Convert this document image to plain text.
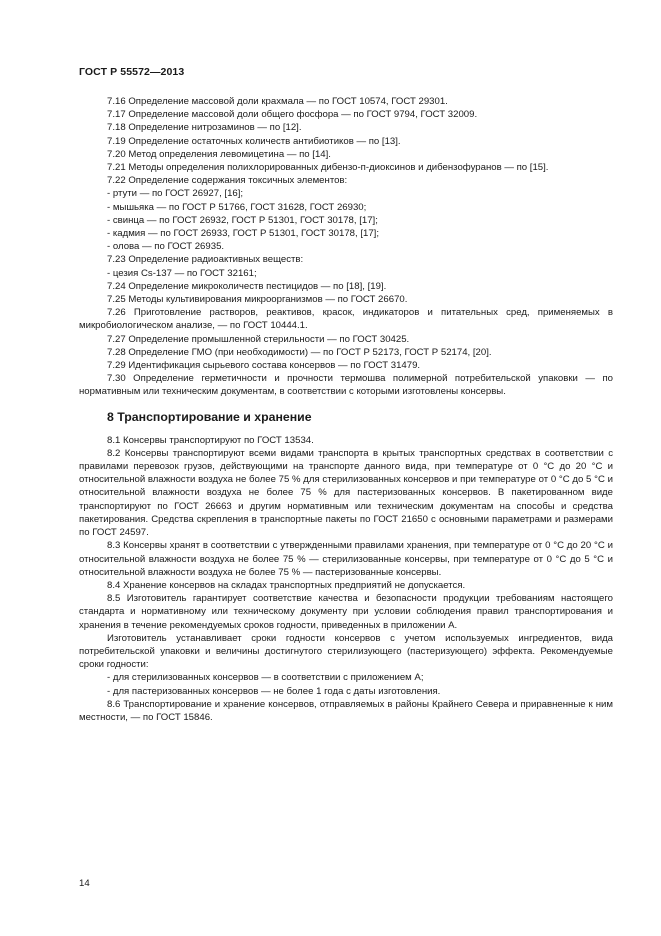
ГОСТ Р 55572—2013

7.16 Определение массовой доли крахмала — по ГОСТ 10574, ГОСТ 29301.

7.17 Определение массовой доли общего фосфора — по ГОСТ 9794, ГОСТ 32009.

7.18 Определение нитрозаминов — по [12].

7.19 Определение остаточных количеств антибиотиков — по [13].

7.20 Метод определения левомицетина — по [14].

7.21 Методы определения полихлорированных дибензо-п-диоксинов и дибензофуранов — по [15].

7.22 Определение содержания токсичных элементов:

- ртути — по ГОСТ 26927, [16];

- мышьяка — по ГОСТ Р 51766, ГОСТ 31628, ГОСТ 26930;

- свинца — по ГОСТ 26932, ГОСТ Р 51301, ГОСТ 30178, [17];

- кадмия — по ГОСТ 26933, ГОСТ Р 51301, ГОСТ 30178, [17];

- олова — по ГОСТ 26935.

7.23 Определение радиоактивных веществ:

- цезия Cs-137 — по ГОСТ 32161;

7.24 Определение микроколичеств пестицидов — по [18], [19].

7.25 Методы культивирования микроорганизмов — по ГОСТ 26670.

7.26 Приготовление растворов, реактивов, красок, индикаторов и питательных сред, применяемых в микробиологическом анализе, — по ГОСТ 10444.1.

7.27 Определение промышленной стерильности — по ГОСТ 30425.

7.28 Определение ГМО (при необходимости) — по ГОСТ Р 52173, ГОСТ Р 52174, [20].

7.29 Идентификация сырьевого состава консервов — по ГОСТ 31479.

7.30 Определение герметичности и прочности термошва полимерной потребительской упаковки — по нормативным или техническим документам, в соответствии с которыми изготовлены консервы.

8 Транспортирование и хранение

8.1 Консервы транспортируют по ГОСТ 13534.

8.2 Консервы транспортируют всеми видами транспорта в крытых транспортных средствах в соответствии с правилами перевозок грузов, действующими на транспорте данного вида, при температуре от 0 °С до 20 °С и относительной влажности воздуха не более 75 % для стерилизованных консервов и при температуре от 0 °С до 5 °С и относительной влажности воздуха не более 75 % для пастеризованных консервов. В пакетированном виде транспортируют по ГОСТ 26663 и другим нормативным или техническим документам на способы и средства пакетирования. Средства скрепления в транспортные пакеты по ГОСТ 21650 с основными параметрами и размерами по ГОСТ 24597.

8.3 Консервы хранят в соответствии с утвержденными правилами хранения, при температуре от 0 °С до 20 °С и относительной влажности воздуха не более 75 % — стерилизованные консервы, при температуре от 0 °С до 5 °С и относительной влажности воздуха не более 75 % — пастеризованные консервы.

8.4 Хранение консервов на складах транспортных предприятий не допускается.

8.5 Изготовитель гарантирует соответствие качества и безопасности продукции требованиям настоящего стандарта и нормативному или техническому документу при условии соблюдения правил транспортирования и хранения в течение рекомендуемых сроков годности, приведенных в приложении А.

Изготовитель устанавливает сроки годности консервов с учетом используемых ингредиентов, вида потребительской упаковки и величины достигнутого стерилизующего (пастеризующего) эффекта. Рекомендуемые сроки годности:

- для стерилизованных консервов — в соответствии с приложением А;

- для пастеризованных консервов — не более 1 года с даты изготовления.

8.6 Транспортирование и хранение консервов, отправляемых в районы Крайнего Севера и приравненные к ним местности, — по ГОСТ 15846.

14
